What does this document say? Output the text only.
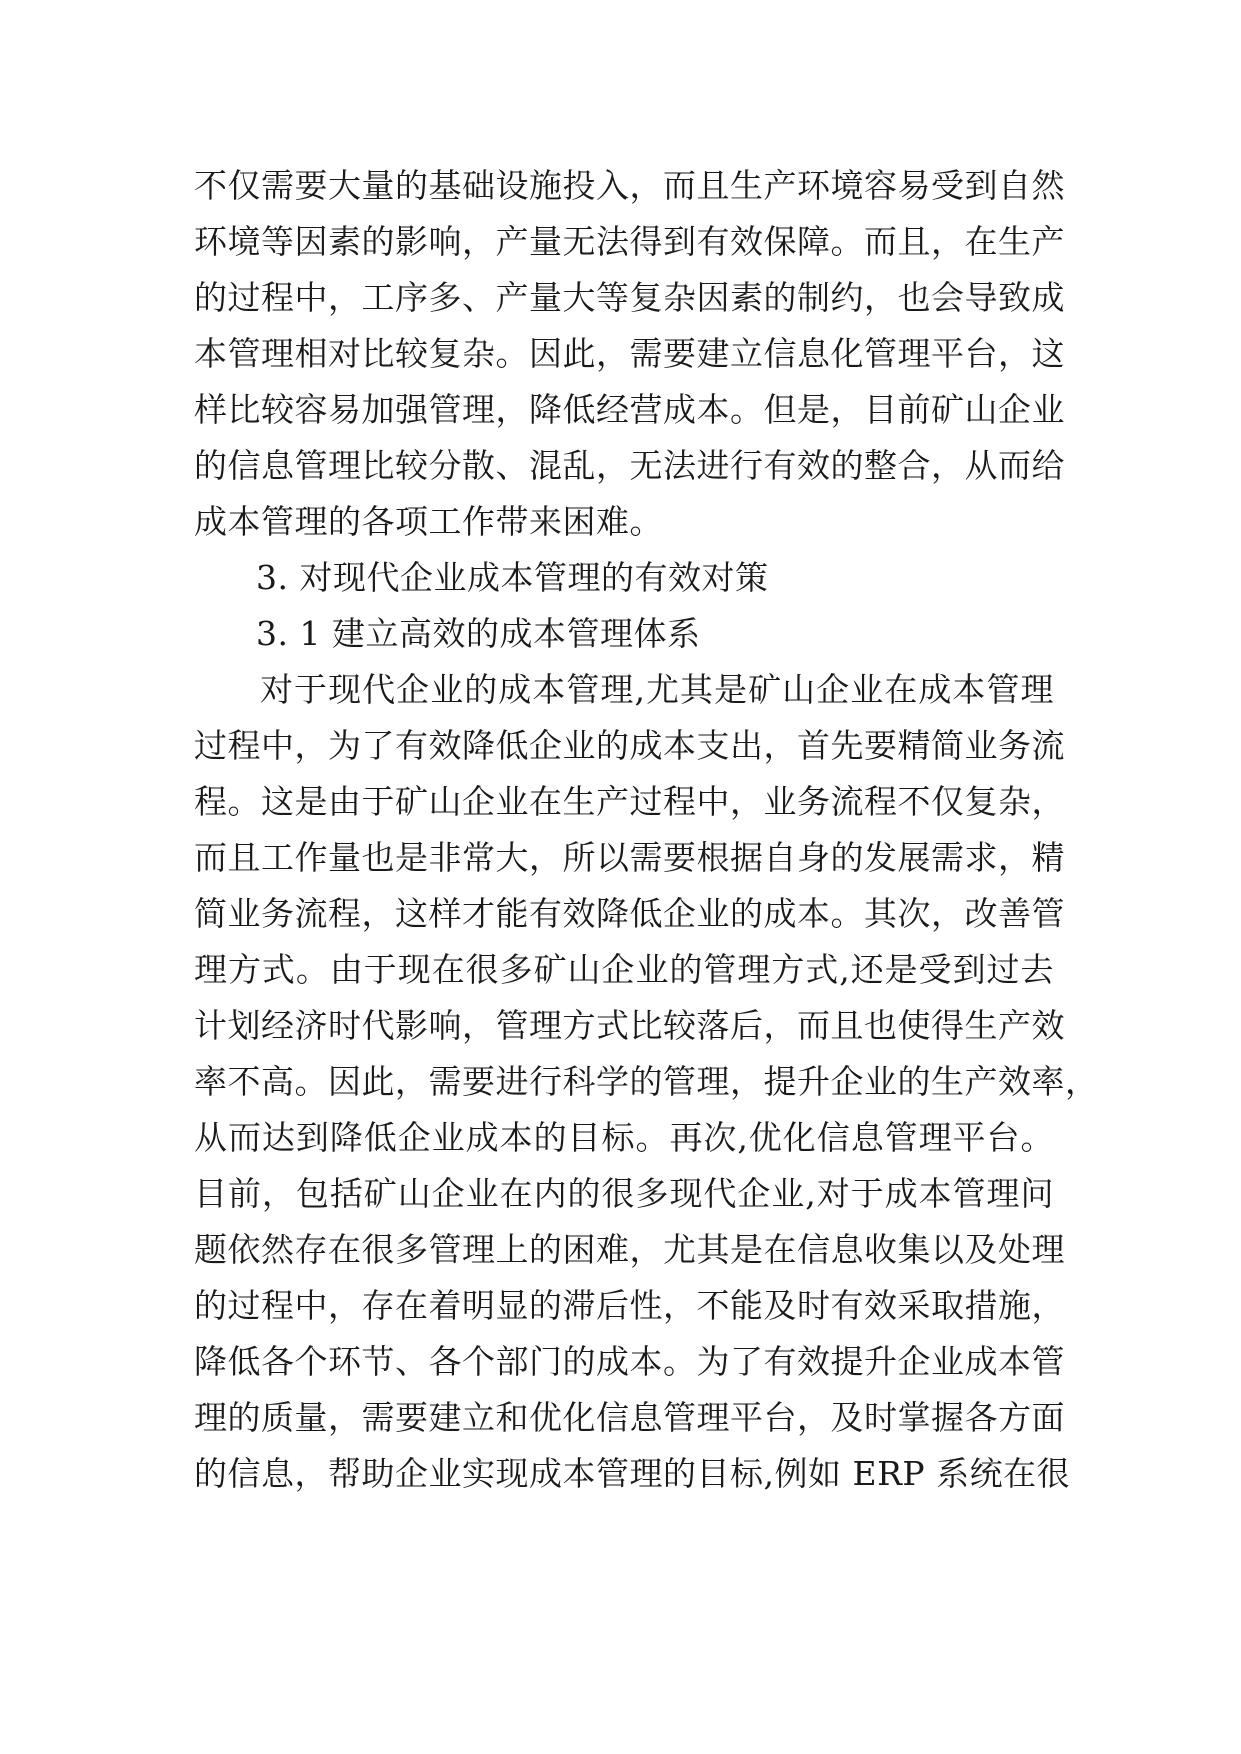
不仅需要大量的基础设施投入，而且生产环境容易受到自然
环境等因素的影响，产量无法得到有效保障。而且，在生产
的过程中，工序多、产量大等复杂因素的制约，也会导致成
本管理相对比较复杂。因此，需要建立信息化管理平台，这
样比较容易加强管理，降低经营成本。但是，目前矿山企业
的信息管理比较分散、混乱，无法进行有效的整合，从而给
成本管理的各项工作带来困难。
3. 对现代企业成本管理的有效对策
3. 1 建立高效的成本管理体系
对于现代企业的成本管理,尤其是矿山企业在成本管理
过程中，为了有效降低企业的成本支出，首先要精简业务流
程。这是由于矿山企业在生产过程中，业务流程不仅复杂，
而且工作量也是非常大，所以需要根据自身的发展需求，精
简业务流程，这样才能有效降低企业的成本。其次，改善管
理方式。由于现在很多矿山企业的管理方式,还是受到过去
计划经济时代影响，管理方式比较落后，而且也使得生产效
率不高。因此，需要进行科学的管理，提升企业的生产效率，
从而达到降低企业成本的目标。再次,优化信息管理平台。
目前，包括矿山企业在内的很多现代企业,对于成本管理问
题依然存在很多管理上的困难，尤其是在信息收集以及处理
的过程中，存在着明显的滞后性，不能及时有效采取措施，
降低各个环节、各个部门的成本。为了有效提升企业成本管
理的质量，需要建立和优化信息管理平台，及时掌握各方面
的信息，帮助企业实现成本管理的目标,例如 ERP 系统在很
